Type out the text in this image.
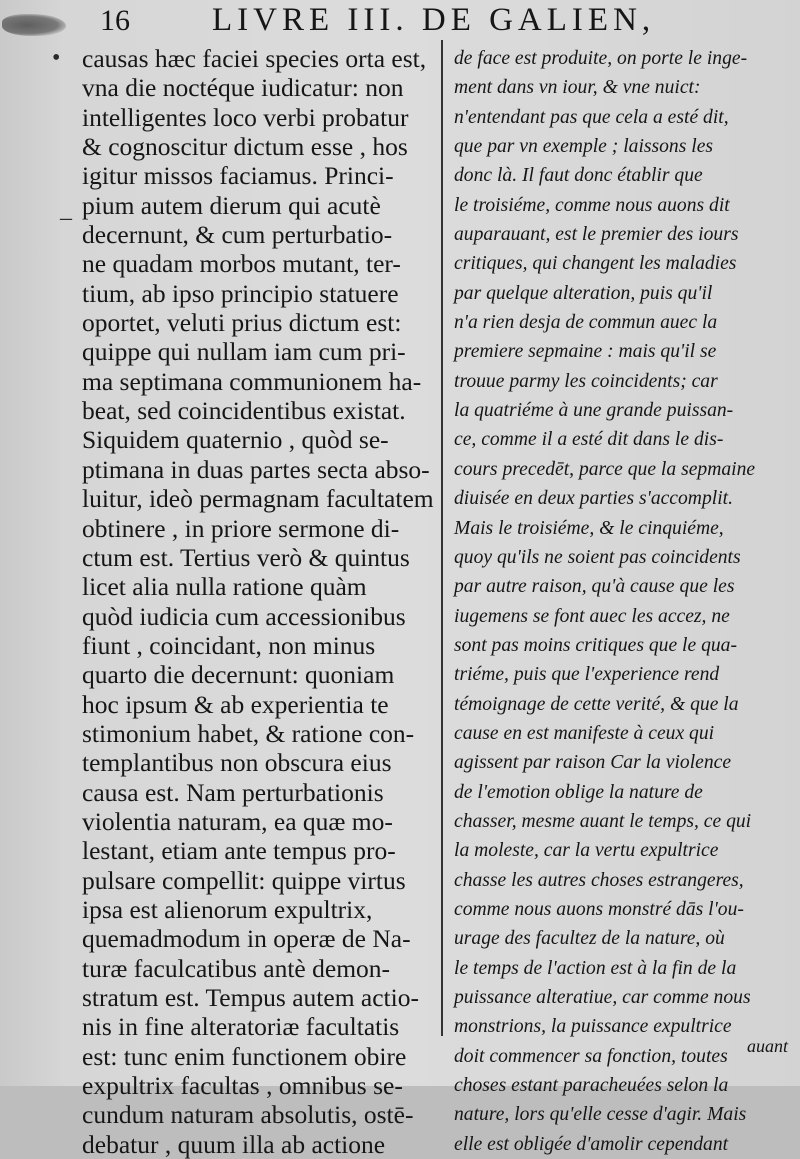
16 LIVRE III. DE GALIEN,
•
–
causas hæc faciei species orta est,
vna die noctéque iudicatur: non
intelligentes loco verbi probatur
& cognoscitur dictum esse , hos
igitur missos faciamus. Princi-
pium autem dierum qui acutè
decernunt, & cum perturbatio-
ne quadam morbos mutant, ter-
tium, ab ipso principio statuere
oportet, veluti prius dictum est:
quippe qui nullam iam cum pri-
ma septimana communionem ha-
beat, sed coincidentibus existat.
Siquidem quaternio , quòd se-
ptimana in duas partes secta abso-
luitur, ideò permagnam facultatem
obtinere , in priore sermone di-
ctum est. Tertius verò & quintus
licet alia nulla ratione quàm
quòd iudicia cum accessionibus
fiunt , coincidant, non minus
quarto die decernunt: quoniam
hoc ipsum & ab experientia te
stimonium habet, & ratione con-
templantibus non obscura eius
causa est. Nam perturbationis
violentia naturam, ea quæ mo-
lestant, etiam ante tempus pro-
pulsare compellit: quippe virtus
ipsa est alienorum expultrix,
quemadmodum in operæ de Na-
turæ faculcatibus antè demon-
stratum est. Tempus autem actio-
nis in fine alteratoriæ facultatis
est: tunc enim functionem obire
expultrix facultas , omnibus se-
cundum naturam absolutis, ostē-
debatur , quum illa ab actione
de face est produite, on porte le inge-
ment dans vn iour, & vne nuict:
n'entendant pas que cela a esté dit,
que par vn exemple ; laissons les
donc là. Il faut donc établir que
le troisiéme, comme nous auons dit
auparauant, est le premier des iours
critiques, qui changent les maladies
par quelque alteration, puis qu'il
n'a rien desja de commun auec la
premiere sepmaine : mais qu'il se
trouue parmy les coincidents; car
la quatriéme à une grande puissan-
ce, comme il a esté dit dans le dis-
cours precedēt, parce que la sepmaine
diuisée en deux parties s'accomplit.
Mais le troisiéme, & le cinquiéme,
quoy qu'ils ne soient pas coincidents
par autre raison, qu'à cause que les
iugemens se font auec les accez, ne
sont pas moins critiques que le qua-
triéme, puis que l'experience rend
témoignage de cette verité, & que la
cause en est manifeste à ceux qui
agissent par raison Car la violence
de l'emotion oblige la nature de
chasser, mesme auant le temps, ce qui
la moleste, car la vertu expultrice
chasse les autres choses estrangeres,
comme nous auons monstré dās l'ou-
urage des facultez de la nature, où
le temps de l'action est à la fin de la
puissance alteratiue, car comme nous
monstrions, la puissance expultrice
doit commencer sa fonction, toutes
choses estant paracheuées selon la
nature, lors qu'elle cesse d'agir. Mais
elle est obligée d'amolir cependant
auant
